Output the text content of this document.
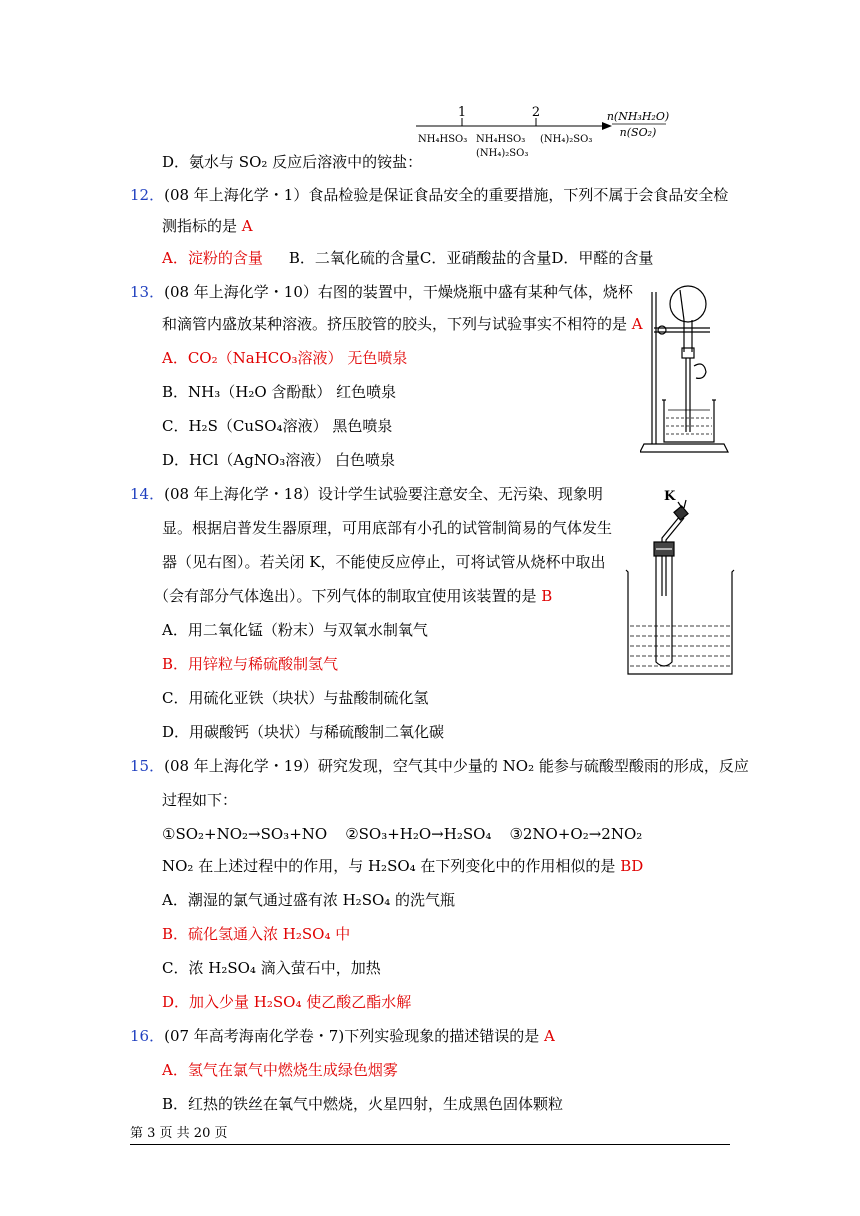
1	2	n(NH₃H₂O)
n(SO₂)
NH₄HSO₃ NH₄HSO₃
(NH₄)₂SO₃
(NH₄)₂SO₃
D．氨水与 SO₂ 反应后溶液中的铵盐：
12．(08 年上海化学・1）食品检验是保证食品安全的重要措施，下列不属于会食品安全检
测指标的是 A
A．淀粉的含量 B．二氧化硫的含量C．亚硝酸盐的含量D．甲醛的含量
13．(08 年上海化学・10）右图的装置中，干燥烧瓶中盛有某种气体，烧杯
和滴管内盛放某种溶液。挤压胶管的胶头，下列与试验事实不相符的是 A
A．CO₂（NaHCO₃溶液） 无色喷泉
B．NH₃（H₂O 含酚酞） 红色喷泉
C．H₂S（CuSO₄溶液） 黑色喷泉
D．HCl（AgNO₃溶液） 白色喷泉
14．(08 年上海化学・18）设计学生试验要注意安全、无污染、现象明
显。根据启普发生器原理，可用底部有小孔的试管制简易的气体发生
器（见右图）。若关闭 K，不能使反应停止，可将试管从烧杯中取出
（会有部分气体逸出）。下列气体的制取宜使用该装置的是 B
A．用二氧化锰（粉末）与双氧水制氧气
B．用锌粒与稀硫酸制氢气
C．用硫化亚铁（块状）与盐酸制硫化氢
D．用碳酸钙（块状）与稀硫酸制二氧化碳
K
15．(08 年上海化学・19）研究发现，空气其中少量的 NO₂ 能参与硫酸型酸雨的形成，反应
过程如下：
①SO₂+NO₂→SO₃+NO ②SO₃+H₂O→H₂SO₄ ③2NO+O₂→2NO₂
NO₂ 在上述过程中的作用，与 H₂SO₄ 在下列变化中的作用相似的是 BD
A．潮湿的氯气通过盛有浓 H₂SO₄ 的洗气瓶
B．硫化氢通入浓 H₂SO₄ 中
C．浓 H₂SO₄ 滴入萤石中，加热
D．加入少量 H₂SO₄ 使乙酸乙酯水解
16．(07 年高考海南化学卷・7)下列实验现象的描述错误的是 A
A．氢气在氯气中燃烧生成绿色烟雾
B．红热的铁丝在氧气中燃烧，火星四射，生成黑色固体颗粒
第 3 页 共 20 页
